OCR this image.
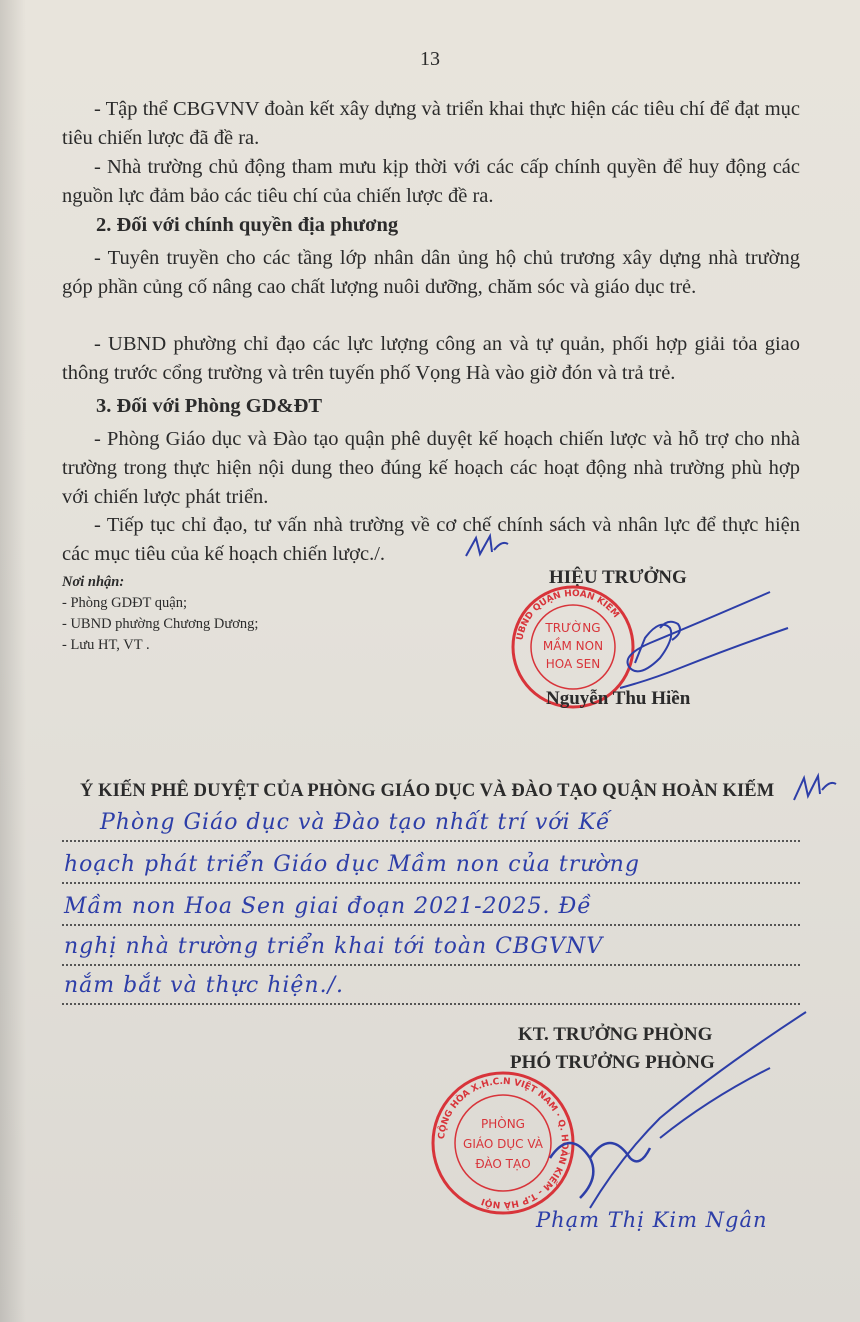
13

- Tập thể CBGVNV đoàn kết xây dựng và triển khai thực hiện các tiêu chí để đạt mục tiêu chiến lược đã đề ra.

- Nhà trường chủ động tham mưu kịp thời với các cấp chính quyền để huy động các nguồn lực đảm bảo các tiêu chí của chiến lược đề ra.

2. Đối với chính quyền địa phương

- Tuyên truyền cho các tầng lớp nhân dân ủng hộ chủ trương xây dựng nhà trường góp phần củng cố nâng cao chất lượng nuôi dưỡng, chăm sóc và giáo dục trẻ.

- UBND phường chỉ đạo các lực lượng công an và tự quản, phối hợp giải tỏa giao thông trước cổng trường và trên tuyến phố Vọng Hà vào giờ đón và trả trẻ.

3. Đối với Phòng GD&ĐT

- Phòng Giáo dục và Đào tạo quận phê duyệt kế hoạch chiến lược và hỗ trợ cho nhà trường trong thực hiện nội dung theo đúng kế hoạch các hoạt động nhà trường phù hợp với chiến lược phát triển.

- Tiếp tục chỉ đạo, tư vấn nhà trường về cơ chế chính sách và nhân lực để thực hiện các mục tiêu của kế hoạch chiến lược./.

Nơi nhận:
- Phòng GDĐT quận;
- UBND phường Chương Dương;
- Lưu HT, VT .
HIỆU TRƯỞNG
UBND QUẬN HOÀN KIẾM
TRƯỜNG
MẦM NON
HOA SEN
Nguyễn Thu Hiền
Ý KIẾN PHÊ DUYỆT CỦA PHÒNG GIÁO DỤC VÀ ĐÀO TẠO QUẬN HOÀN KIẾM
Phòng Giáo dục và Đào tạo nhất trí với Kế
hoạch phát triển Giáo dục Mầm non của trường
Mầm non Hoa Sen giai đoạn 2021-2025. Đề
nghị nhà trường triển khai tới toàn CBGVNV
nắm bắt và thực hiện./.
KT. TRƯỞNG PHÒNG
PHÓ TRƯỞNG PHÒNG
CỘNG HÒA X.H.C.N VIỆT NAM · Q. HOÀN KIẾM - T.P HÀ NỘI
PHÒNG
GIÁO DỤC VÀ
ĐÀO TẠO
Phạm Thị Kim Ngân
